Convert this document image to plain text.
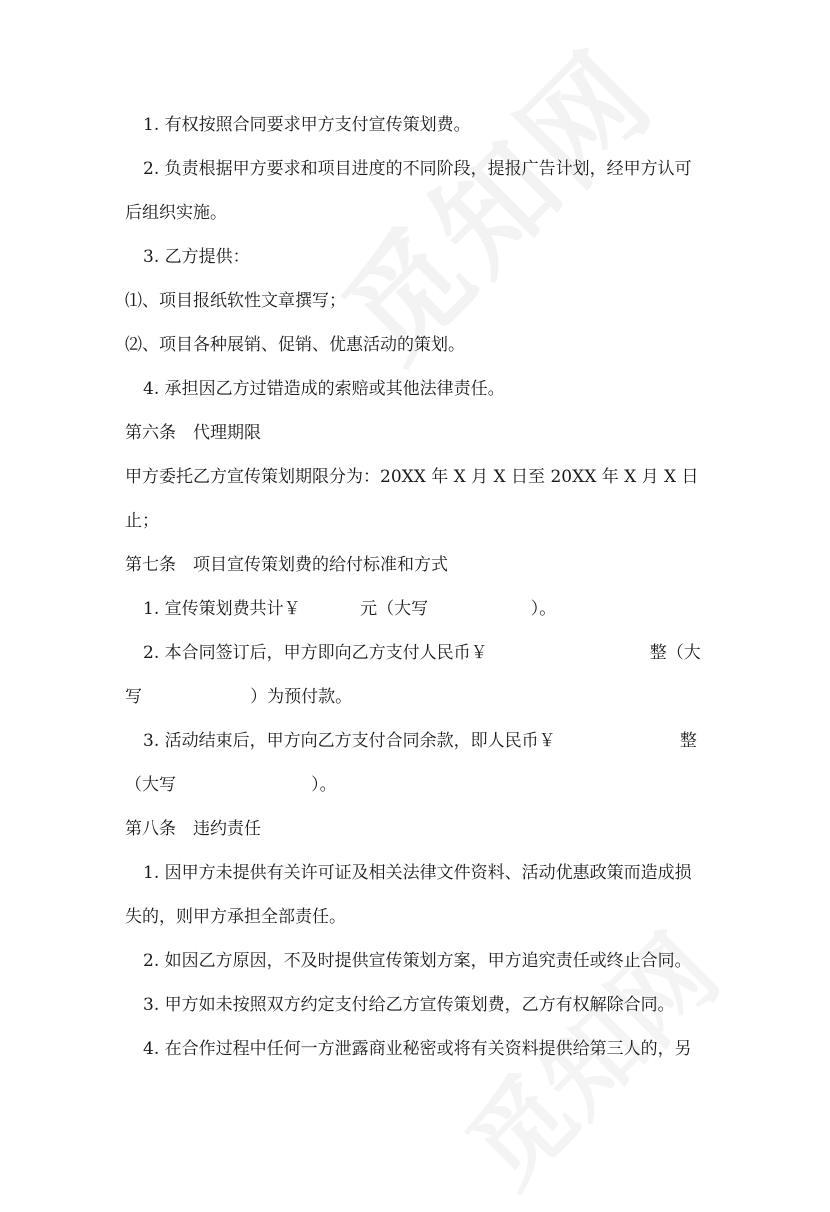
1. 有权按照合同要求甲方支付宣传策划费。
2. 负责根据甲方要求和项目进度的不同阶段，提报广告计划，经甲方认可
后组织实施。
3. 乙方提供：
⑴、项目报纸软性文章撰写；
⑵、项目各种展销、促销、优惠活动的策划。
4. 承担因乙方过错造成的索赔或其他法律责任。
第六条　代理期限
甲方委托乙方宣传策划期限分为：20XX 年 X 月 X 日至 20XX 年 X 月 X 日
止；
第七条　项目宣传策划费的给付标准和方式
1. 宣传策划费共计￥           元（大写                   ）。
2. 本合同签订后，甲方即向乙方支付人民币￥                              整（大
写                    ）为预付款。
3. 活动结束后，甲方向乙方支付合同余款，即人民币￥                       整
（大写                         ）。
第八条　违约责任
1. 因甲方未提供有关许可证及相关法律文件资料、活动优惠政策而造成损
失的，则甲方承担全部责任。
2. 如因乙方原因，不及时提供宣传策划方案，甲方追究责任或终止合同。
3. 甲方如未按照双方约定支付给乙方宣传策划费，乙方有权解除合同。
4. 在合作过程中任何一方泄露商业秘密或将有关资料提供给第三人的，另
